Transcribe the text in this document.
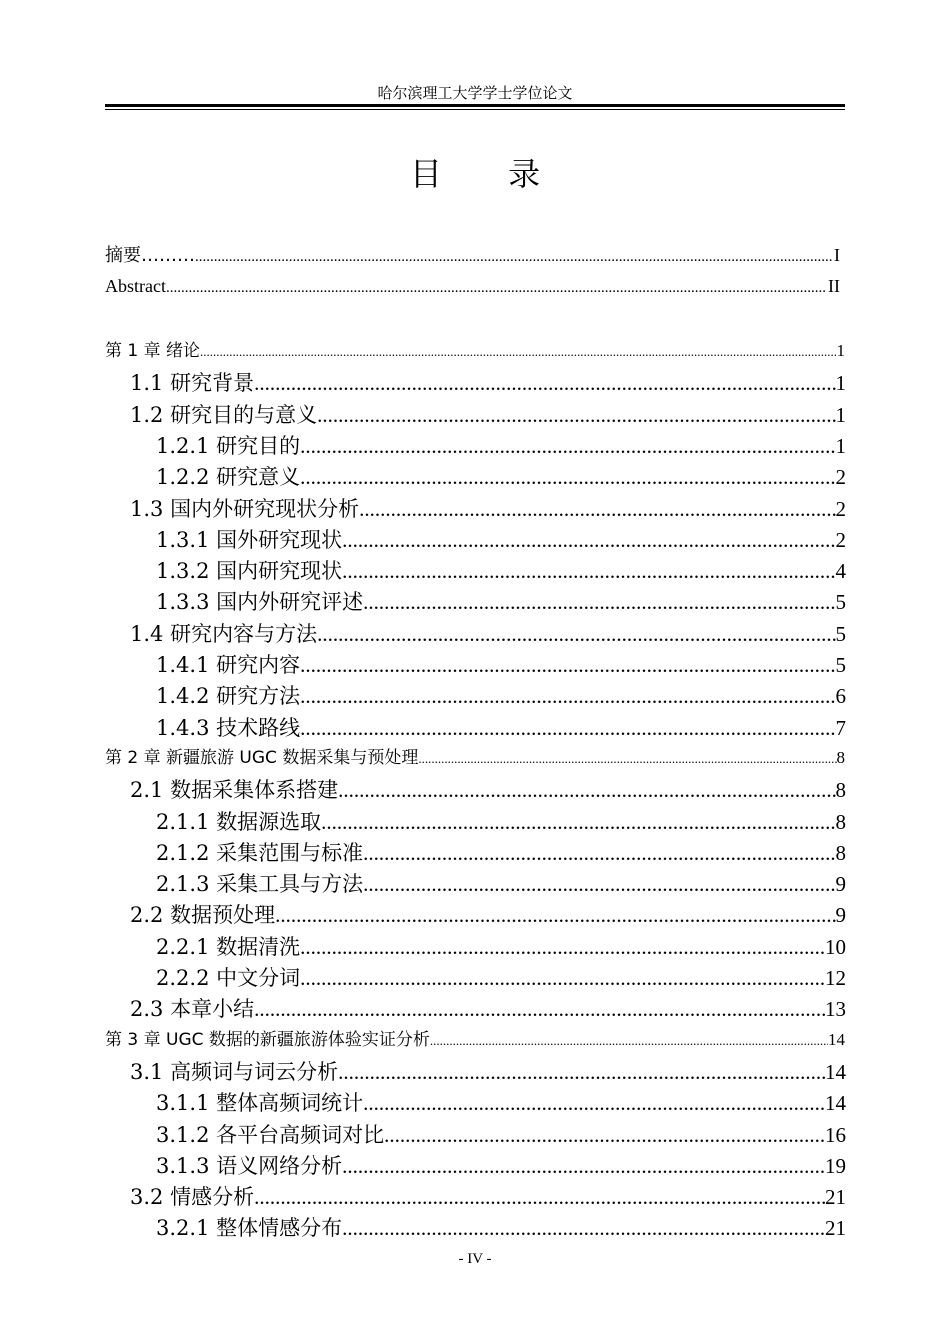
哈尔滨理工大学学士学位论文
目 录
摘要……… .....	I
Abstract .....	II
第 1 章 绪论 .....	1
1.1 研究背景 .....	1
1.2 研究目的与意义 .....	1
1.2.1 研究目的 .....	1
1.2.2 研究意义 .....	2
1.3 国内外研究现状分析 .....	2
1.3.1 国外研究现状 .....	2
1.3.2 国内研究现状 .....	4
1.3.3 国内外研究评述 .....	5
1.4 研究内容与方法 .....	5
1.4.1 研究内容 .....	5
1.4.2 研究方法 .....	6
1.4.3 技术路线 .....	7
第 2 章 新疆旅游 UGC 数据采集与预处理 .....	8
2.1 数据采集体系搭建 .....	8
2.1.1 数据源选取 .....	8
2.1.2 采集范围与标准 .....	8
2.1.3 采集工具与方法 .....	9
2.2 数据预处理 .....	9
2.2.1 数据清洗 .....	10
2.2.2 中文分词 .....	12
2.3 本章小结 .....	13
第 3 章 UGC 数据的新疆旅游体验实证分析 .....	14
3.1 高频词与词云分析 .....	14
3.1.1 整体高频词统计 .....	14
3.1.2 各平台高频词对比 .....	16
3.1.3 语义网络分析 .....	19
3.2 情感分析 .....	21
3.2.1 整体情感分布 .....	21
- IV -
